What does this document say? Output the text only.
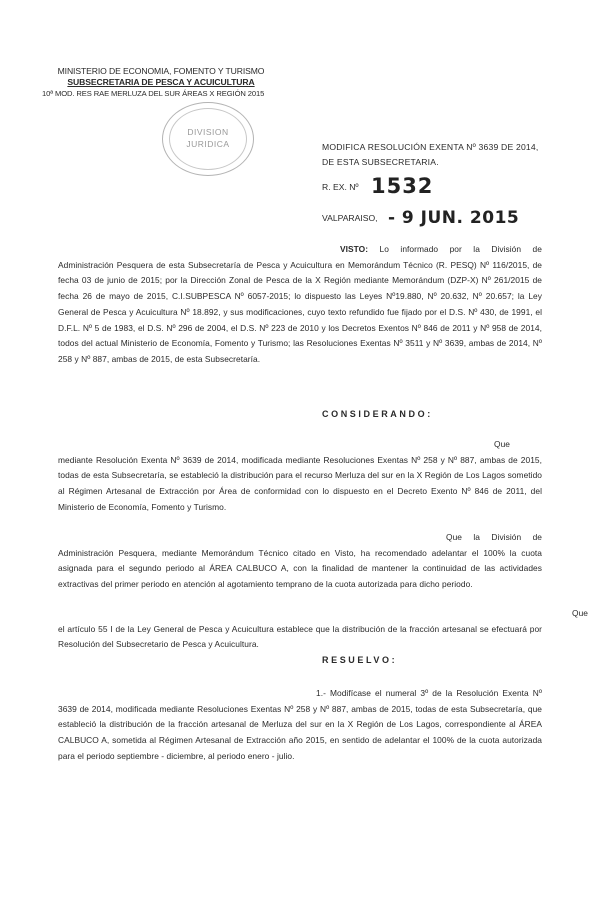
MINISTERIO DE ECONOMIA, FOMENTO Y TURISMO
SUBSECRETARIA DE PESCA Y ACUICULTURA
10ª MOD. RES RAE MERLUZA DEL SUR ÁREAS X REGIÓN 2015
DIVISION
JURIDICA	MODIFICA RESOLUCIÓN EXENTA Nº 3639 DE 2014, DE ESTA SUBSECRETARIA.
R. EX. Nº 1532
VALPARAISO, - 9 JUN. 2015
VISTO: Lo informado por la División de Administración Pesquera de esta Subsecretaría de Pesca y Acuicultura en Memorándum Técnico (R. PESQ) Nº 116/2015, de fecha 03 de junio de 2015; por la Dirección Zonal de Pesca de la X Región mediante Memorándum (DZP-X) Nº 261/2015 de fecha 26 de mayo de 2015, C.I.SUBPESCA Nº 6057-2015; lo dispuesto las Leyes Nº19.880, Nº 20.632, Nº 20.657; la Ley General de Pesca y Acuicultura Nº 18.892, y sus modificaciones, cuyo texto refundido fue fijado por el D.S. Nº 430, de 1991, el D.F.L. Nº 5 de 1983, el D.S. Nº 296 de 2004, el D.S. Nº 223 de 2010 y los Decretos Exentos Nº 846 de 2011 y Nº 958 de 2014, todos del actual Ministerio de Economía, Fomento y Turismo; las Resoluciones Exentas Nº 3511 y Nº 3639, ambas de 2014, Nº 258 y Nº 887, ambas de 2015, de esta Subsecretaría.
CONSIDERANDO:
Que mediante Resolución Exenta Nº 3639 de 2014, modificada mediante Resoluciones Exentas Nº 258 y Nº 887, ambas de 2015, todas de esta Subsecretaría, se estableció la distribución para el recurso Merluza del sur en la X Región de Los Lagos sometido al Régimen Artesanal de Extracción por Área de conformidad con lo dispuesto en el Decreto Exento Nº 846 de 2011, del Ministerio de Economía, Fomento y Turismo.
Que la División de Administración Pesquera, mediante Memorándum Técnico citado en Visto, ha recomendado adelantar el 100% la cuota asignada para el segundo periodo al ÁREA CALBUCO A, con la finalidad de mantener la continuidad de las actividades extractivas del primer periodo en atención al agotamiento temprano de la cuota autorizada para dicho periodo.
Que el artículo 55 I de la Ley General de Pesca y Acuicultura establece que la distribución de la fracción artesanal se efectuará por Resolución del Subsecretario de Pesca y Acuicultura.
RESUELVO:
1.- Modifícase el numeral 3º de la Resolución Exenta Nº 3639 de 2014, modificada mediante Resoluciones Exentas Nº 258 y Nº 887, ambas de 2015, todas de esta Subsecretaría, que estableció la distribución de la fracción artesanal de Merluza del sur en la X Región de Los Lagos, correspondiente al ÁREA CALBUCO A, sometida al Régimen Artesanal de Extracción año 2015, en sentido de adelantar el 100% de la cuota autorizada para el periodo septiembre - diciembre, al periodo enero - julio.
